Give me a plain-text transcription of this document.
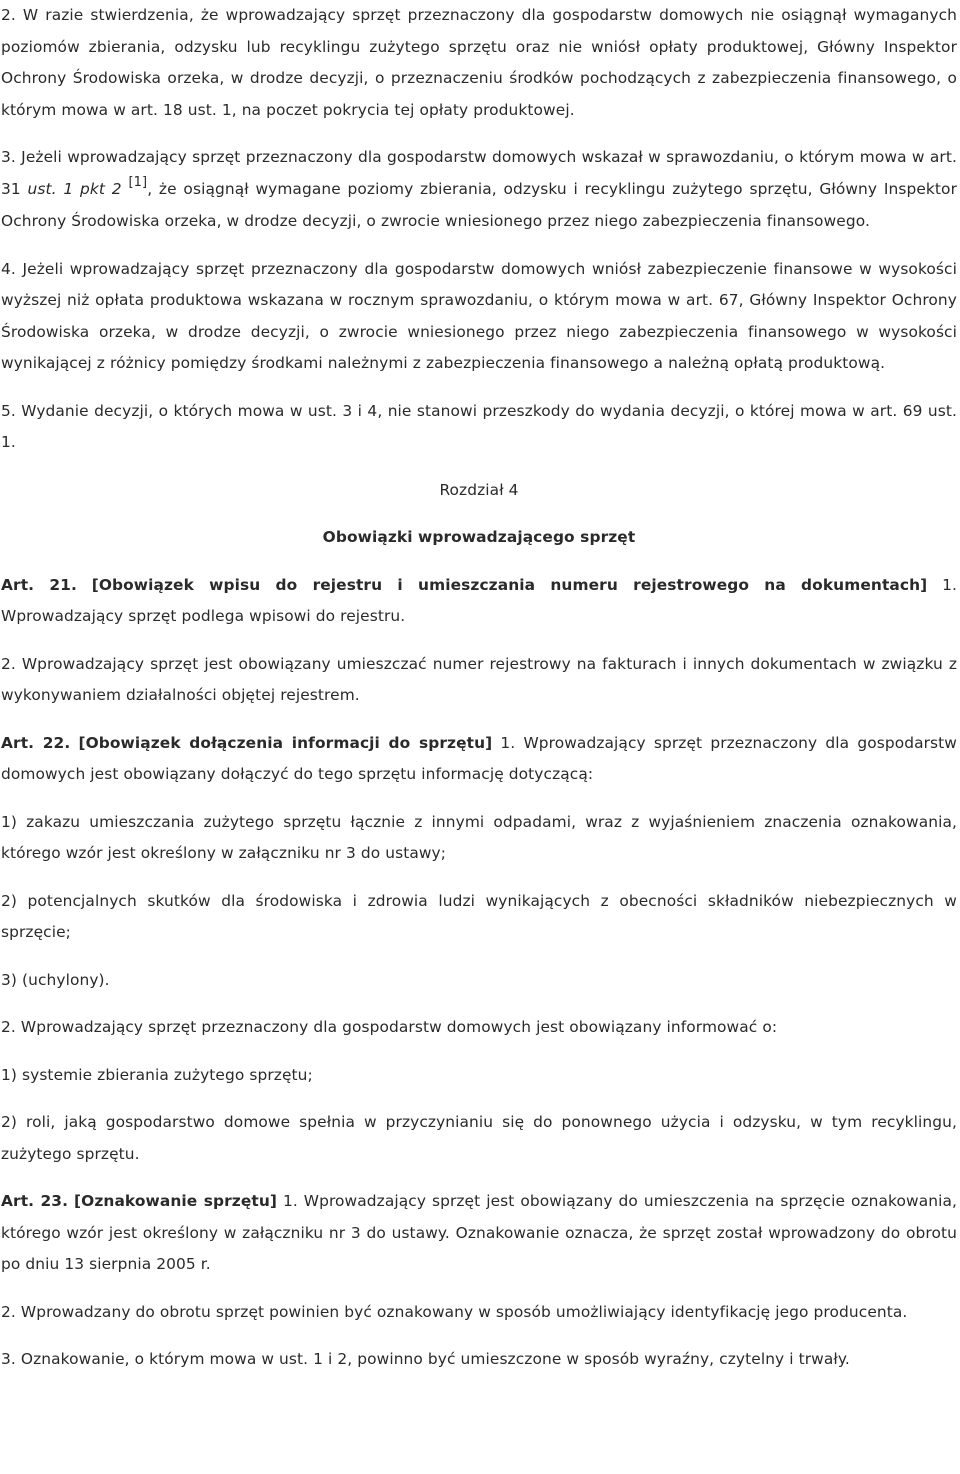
2. W razie stwierdzenia, że wprowadzający sprzęt przeznaczony dla gospodarstw domowych nie osiągnął wymaganych poziomów zbierania, odzysku lub recyklingu zużytego sprzętu oraz nie wniósł opłaty produktowej, Główny Inspektor Ochrony Środowiska orzeka, w drodze decyzji, o przeznaczeniu środków pochodzących z zabezpieczenia finansowego, o którym mowa w art. 18 ust. 1, na poczet pokrycia tej opłaty produktowej.

3. Jeżeli wprowadzający sprzęt przeznaczony dla gospodarstw domowych wskazał w sprawozdaniu, o którym mowa w art. 31 ust. 1 pkt 2 [1], że osiągnął wymagane poziomy zbierania, odzysku i recyklingu zużytego sprzętu, Główny Inspektor Ochrony Środowiska orzeka, w drodze decyzji, o zwrocie wniesionego przez niego zabezpieczenia finansowego.

4. Jeżeli wprowadzający sprzęt przeznaczony dla gospodarstw domowych wniósł zabezpieczenie finansowe w wysokości wyższej niż opłata produktowa wskazana w rocznym sprawozdaniu, o którym mowa w art. 67, Główny Inspektor Ochrony Środowiska orzeka, w drodze decyzji, o zwrocie wniesionego przez niego zabezpieczenia finansowego w wysokości wynikającej z różnicy pomiędzy środkami należnymi z zabezpieczenia finansowego a należną opłatą produktową.

5. Wydanie decyzji, o których mowa w ust. 3 i 4, nie stanowi przeszkody do wydania decyzji, o której mowa w art. 69 ust. 1.

Rozdział 4

Obowiązki wprowadzającego sprzęt

Art. 21. [Obowiązek wpisu do rejestru i umieszczania numeru rejestrowego na dokumentach] 1. Wprowadzający sprzęt podlega wpisowi do rejestru.

2. Wprowadzający sprzęt jest obowiązany umieszczać numer rejestrowy na fakturach i innych dokumentach w związku z wykonywaniem działalności objętej rejestrem.

Art. 22. [Obowiązek dołączenia informacji do sprzętu] 1. Wprowadzający sprzęt przeznaczony dla gospodarstw domowych jest obowiązany dołączyć do tego sprzętu informację dotyczącą:

1) zakazu umieszczania zużytego sprzętu łącznie z innymi odpadami, wraz z wyjaśnieniem znaczenia oznakowania, którego wzór jest określony w załączniku nr 3 do ustawy;

2) potencjalnych skutków dla środowiska i zdrowia ludzi wynikających z obecności składników niebezpiecznych w sprzęcie;

3) (uchylony).

2. Wprowadzający sprzęt przeznaczony dla gospodarstw domowych jest obowiązany informować o:

1) systemie zbierania zużytego sprzętu;

2) roli, jaką gospodarstwo domowe spełnia w przyczynianiu się do ponownego użycia i odzysku, w tym recyklingu, zużytego sprzętu.

Art. 23. [Oznakowanie sprzętu] 1. Wprowadzający sprzęt jest obowiązany do umieszczenia na sprzęcie oznakowania, którego wzór jest określony w załączniku nr 3 do ustawy. Oznakowanie oznacza, że sprzęt został wprowadzony do obrotu po dniu 13 sierpnia 2005 r.

2. Wprowadzany do obrotu sprzęt powinien być oznakowany w sposób umożliwiający identyfikację jego producenta.

3. Oznakowanie, o którym mowa w ust. 1 i 2, powinno być umieszczone w sposób wyraźny, czytelny i trwały.
